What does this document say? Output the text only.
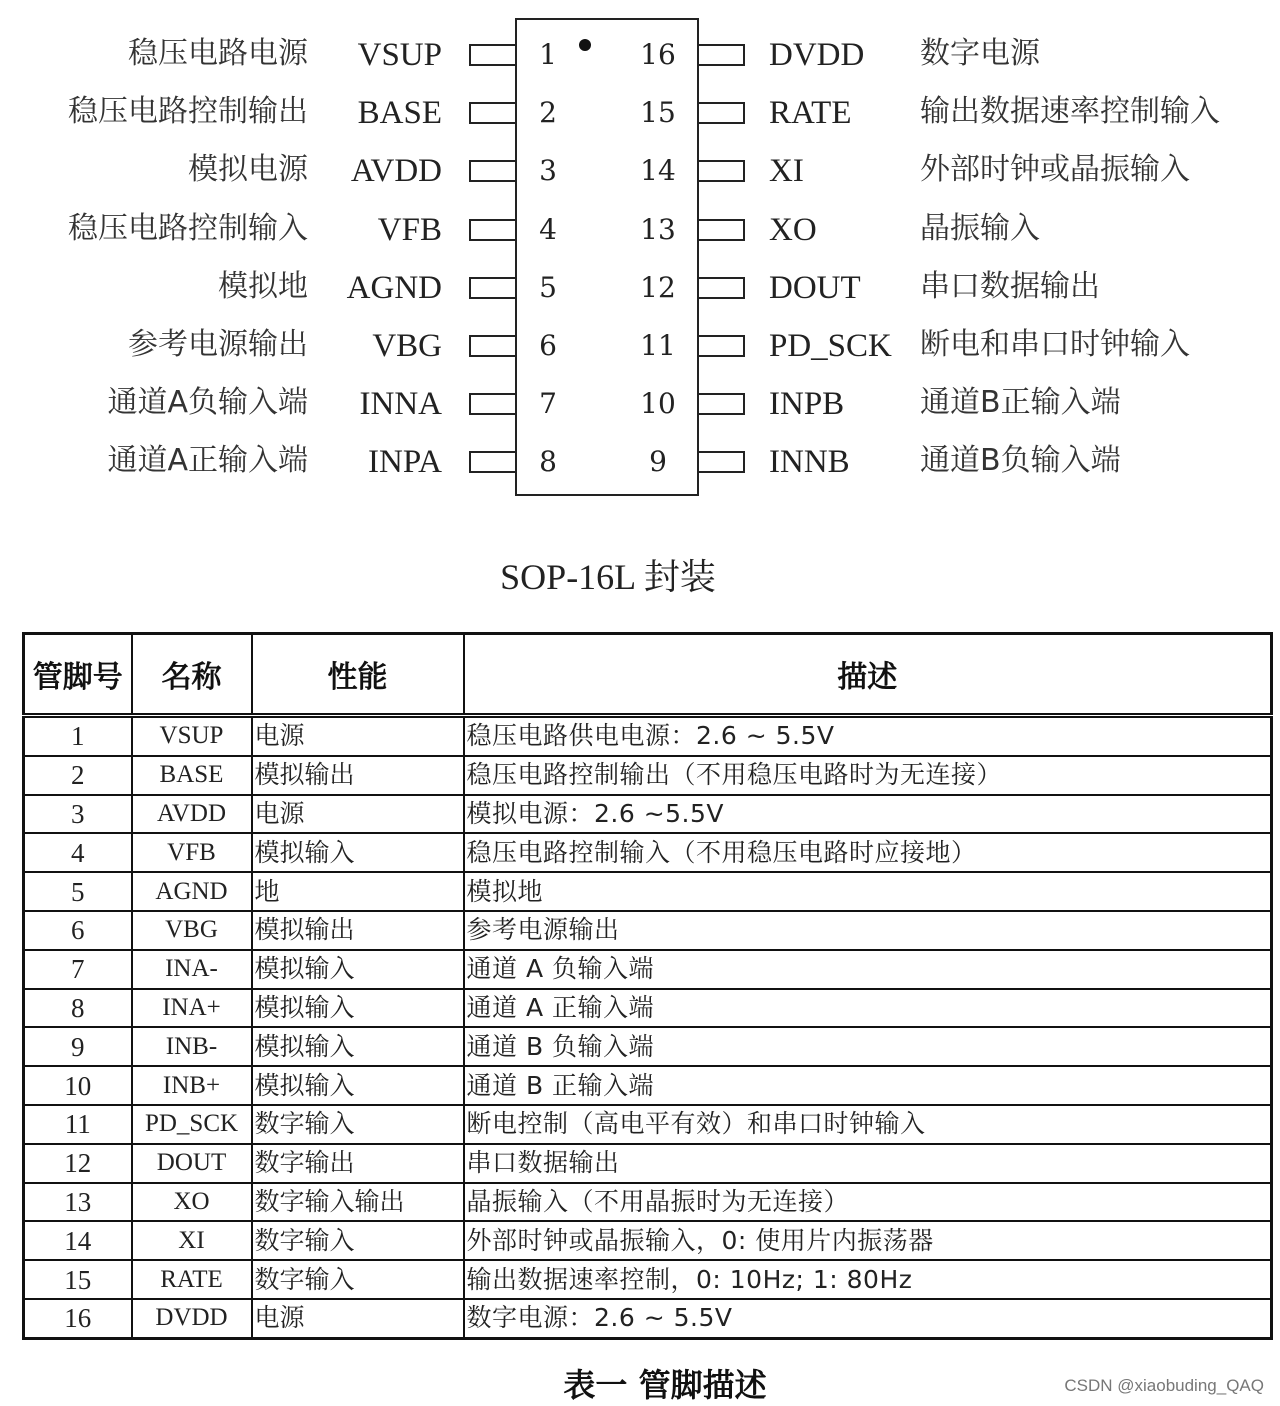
稳压电路电源 VSUP	1	16	DVDD 数字电源
稳压电路控制输出 BASE	2	15	RATE 输出数据速率控制输入
模拟电源 AVDD	3	14	XI	外部时钟或晶振输入
稳压电路控制输入 VFB	4	13	XO	晶振输入
模拟地 AGND	5	12	DOUT 串口数据输出
参考电源输出 VBG	6	11	PD_SCK 断电和串口时钟输入
通道A负输入端 INNA	7	10	INPB	通道B正输入端
通道A正输入端 INPA	8	9	INNB 通道B负输入端
SOP-16L 封装
管脚号	名称	性能	描述
1	VSUP	电源	稳压电路供电电源：2.6 ~ 5.5V
2	BASE	模拟输出	稳压电路控制输出（不用稳压电路时为无连接）
3	AVDD	电源	模拟电源：2.6 ~5.5V
4	VFB	模拟输入	稳压电路控制输入（不用稳压电路时应接地）
5	AGND	地	模拟地
6	VBG	模拟输出	参考电源输出
7	INA-	模拟输入	通道 A 负输入端
8	INA+	模拟输入	通道 A 正输入端
9	INB-	模拟输入	通道 B 负输入端
10	INB+	模拟输入	通道 B 正输入端
11	PD_SCK	数字输入	断电控制（高电平有效）和串口时钟输入
12	DOUT	数字输出	串口数据输出
13	XO	数字输入输出	晶振输入（不用晶振时为无连接）
14	XI	数字输入	外部时钟或晶振输入，0: 使用片内振荡器
15	RATE	数字输入	输出数据速率控制，0: 10Hz; 1: 80Hz
16	DVDD	电源	数字电源：2.6 ~ 5.5V
表一 管脚描述	CSDN @xiaobuding_QAQ
